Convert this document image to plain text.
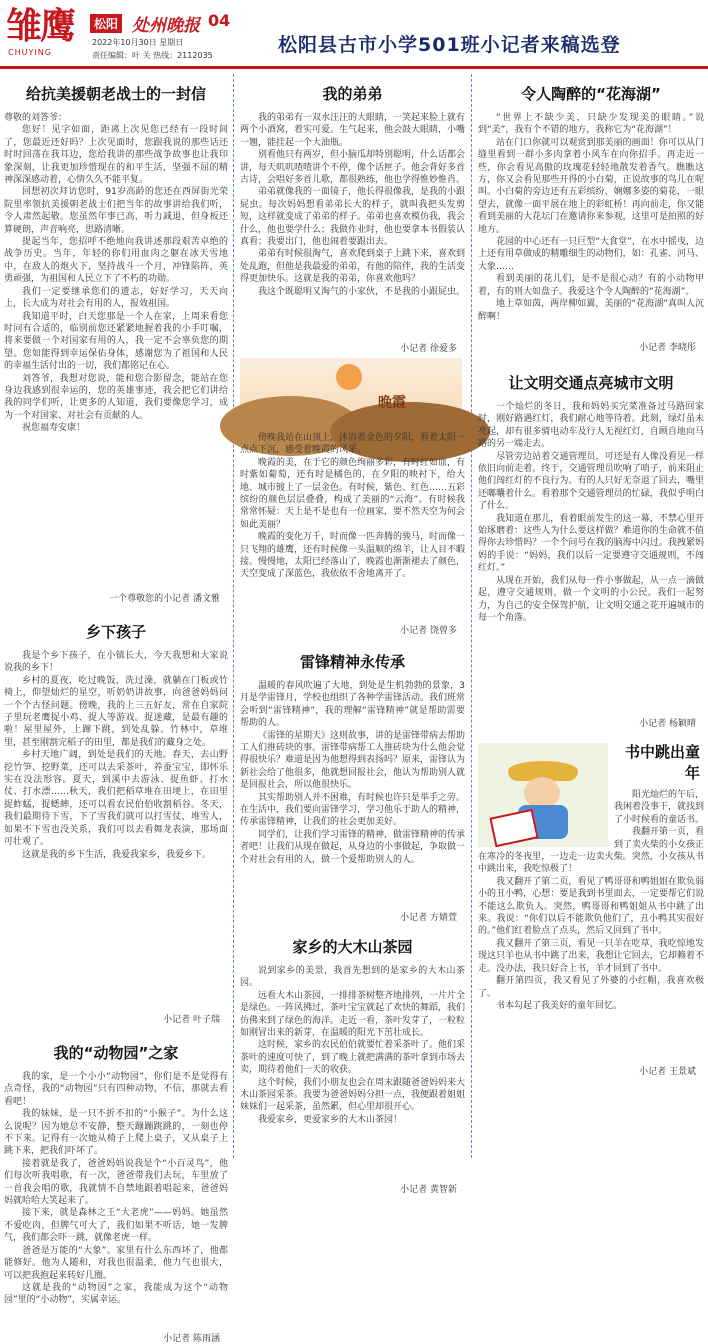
雏鹰
CHUYING
松阳 处州晚报 04
2022年10月30日 星期日
责任编辑：叶 关 热线：2112035	松阳县古市小学501班小记者来稿选登
给抗美援朝老战士的一封信

尊敬的刘答爷：

您好！见字如面，距离上次见您已经有一段时间了，您最近还好吗？上次见面时，您跟我说的那些话还时时回荡在我耳边，您给我讲的那些战争故事也让我印象深刻，让我更加珍惜现在的和平生活，坚强不屈的精神深深感动着，心情久久不能平复。

回想初次拜访您时，91岁高龄的您还在西屏街光荣院里率领抗美援朝老战士们把当年的故事讲给我们听，令人肃然起敬。您虽然年事已高，听力减退，但身板还算硬朗，声音响亮，思路清晰。

提起当年，您招呼不绝地向我讲述那段艰苦卓绝的战争历史。当年，年轻的你们用血肉之躯在冰天雪地中，在敌人的炮火下，坚持战斗一个月，冲锋陷阵，英勇顽强，为祖国和人民立下了不朽的功勋。

我们一定要继承您们的遗志，好好学习，天天向上，长大成为对社会有用的人，报效祖国。

我知道平时，白天您那是一个人在家，上周来看您时问有合适的，临别前您还紧紧地握着我的小手叮嘱，将来要做一个对国家有用的人，我一定不会辜负您的期望。您如能得到幸运保佑身体，感谢您为了祖国和人民的幸福生活付出的一切，我们都铭记在心。

刘答爷，我想对您说，能和您合影留念，能站在您身边我感到很幸运的，您的英雄事迹，我会把它们讲给我的同学们听，让更多的人知道，我们要像您学习，成为一个对国家、对社会有贡献的人。

祝您福寿安康！

一个尊敬您的小记者 潘文雅
乡下孩子

我是个乡下孩子，在小镇长大，今天我想和大家说说我的乡下！

乡村的夏夜，吃过晚饭，洗过澡，就躺在门板或竹椅上，仰望灿烂的星空，听奶奶讲故事，向爸爸妈妈问一个个古怪问题。傍晚，我的上三五好友，常在自家院子里玩老鹰捉小鸡、捉人等游戏。捉迷藏，是最有趣的啦！屋里屋外，上蹿下跳，到处乱躲。竹林中，草堆里，甚至刚割完稻子的田里，都是我们的藏身之处。

乡村天地广阔，到处是我们的天地。春天，去山野挖竹笋、挖野菜，还可以去采茶叶，养蚕宝宝，即怀乐实在没法形容。夏天，到溪中去游泳、捉鱼虾、打水仗、打水漂……秋天，我们把稻草堆在田埂上，在田里捉蚱蜢，捉蟋蟀，还可以看农民伯伯收割稻谷。冬天，我们最期待下雪，下了雪我们就可以打雪仗，堆雪人，如果不下雪也没关系，我们可以去看舞龙表演，那场面可壮观了。

这就是我的乡下生活，我爱我家乡，我爱乡下。

小记者 叶子瑞
我的“动物园”之家

我的家，是一个小小“动物园”，你们是不是觉得有点奇怪，我的“动物园”只有四种动物，不信，那就去看看吧！

我的妹妹，是一只不折不扣的“小猴子”。为什么这么说呢？因为她总不安静，整天蹦蹦跳跳的，一刻也停不下来。记得有一次她从椅子上爬上桌子，又从桌子上跳下来，把我们吓坏了。

接着就是我了，爸爸妈妈说我是个“小百灵鸟”，他们每次听我唱歌，有一次，爸爸带我们去玩，车里放了一首我会唱的歌，我就情不自禁地跟着唱起来，爸爸妈妈就哈哈大笑起来了。

接下来，就是森林之王“大老虎”——妈妈。她虽然不爱吃肉，但脾气可大了，我们如果不听话，她一发脾气，我们都会吓一跳，就像老虎一样。

爸爸是万能的“大象”。家里有什么东西坏了，他都能修好。他为人随和，对我也很温柔，他力气也很大，可以把我抱起来转好几圈。

这就是我的“动物园”之家，我能成为这个“动物园”里的“小动物”，实属幸运。

小记者 陈雨涵
我的弟弟

我的弟弟有一双水汪汪的大眼睛，一笑起来脸上就有两个小酒窝，着实可爱。生气起来，他会鼓大眼睛，小嘴一翘，能挂起一个大油瓶。

别看他只有两岁，但小脑瓜却特别聪明，什么话都会讲，每天叽叽喳喳讲个不停，像个话匣子。他会背好多首古诗，会唱好多首儿歌，都很熟练，他也学得惟妙惟肖。

弟弟就像我的一面镜子，他长得很像我，是我的小跟屁虫。每次妈妈想看弟弟长大的样子，就叫我把头发剪短，这样就变成了弟弟的样子。弟弟也喜欢模仿我，我会什么，他也要学什么；我做作业时，他也要拿本书假装认真看；我要出门，他也闹着要跟出去。

弟弟有时候很淘气，喜欢爬到桌子上跳下来，喜欢到处乱跑，但他是我最爱的弟弟，有他的陪伴，我的生活变得更加快乐。这就是我的弟弟，你喜欢他吗？

我这个既聪明又淘气的小家伙，不是我的小跟屁虫。

小记者 徐爱多
晚霞

傍晚我站在山顶上，沐浴着金色的夕阳，看着太阳一点点下沉，感受着晚霞的风采。

晚霞的美，在于它的颜色绚丽多彩，有时红如血，有时紫如葡萄，还有时是橘色的，在夕阳的映衬下，给大地、城市镀上了一层金色。有时候，紫色、红色……五彩缤纷的颜色层层叠叠，构成了美丽的“云海”。有时候我常常怀疑：天上是不是也有一位画家，要不然天空为何会如此美丽？

晚霞的变化万千，时而像一匹奔腾的骏马，时而像一只飞翔的雄鹰，还有时候像一头温顺的绵羊，让人目不暇接。慢慢地，太阳已经落山了，晚霞也渐渐褪去了颜色，天空变成了深蓝色，我依依不舍地离开了。

小记者 饶曾多
雷锋精神永传承

温暖的春风吹遍了大地，到处是生机勃勃的景象，3月是学雷锋月，学校也组织了各种学雷锋活动。我们班常会听到“雷锋精神”，我的理解“雷锋精神”就是帮助需要帮助的人。

《雷锋的星期天》这则故事，讲的是雷锋带病去帮助工人们推砖块的事。雷锋带病帮工人推砖块为什么他会觉得很快乐？难道是因为他想得到表扬吗？原来，雷锋认为新社会给了他很多，他就想回报社会，他认为帮助别人就是回报社会，所以他很快乐。

其实帮助别人并不困难，有时候也许只是举手之劳。在生活中，我们要向雷锋学习，学习他乐于助人的精神，传承雷锋精神，让我们的社会更加美好。

同学们，让我们学习雷锋的精神，做雷锋精神的传承者吧！让我们从现在做起，从身边的小事做起，争取做一个对社会有用的人，做一个爱帮助别人的人。

小记者 方婧萱
家乡的大木山茶园

说到家乡的美景，我首先想到的是家乡的大木山茶园。

远看大木山茶园，一排排茶树整齐地排列，一片片全是绿色。一阵风拂过，茶叶宝宝就起了欢快的舞蹈，我们仿佛来到了绿色的海洋。走近一看，茶叶发芽了，一粒粒如刚冒出来的新芽，在温暖的阳光下茁壮成长。

这时候，家乡的农民伯伯就要忙着采茶叶了。他们采茶叶的速度可快了，到了晚上就把满满的茶叶拿到市场去卖，期待着他们一天的收获。

这个时候，我们小朋友也会在周末跟随爸爸妈妈来大木山茶园采茶。我要为爸爸妈妈分担一点，我便跟着姐姐妹妹们一起采茶，虽然累，但心里却很开心。

我爱家乡，更爱家乡的大木山茶园！

小记者 黄智新
令人陶醉的“花海湖”

“世界上不缺少美，只缺少发现美的眼睛。”说到“美”，我有个不错的地方，我称它为“花海湖”！

站在门口你就可以观赏到那美丽的画面！你可以从门缝里看到一群小多肉拿着小风车在向你招手。再走近一些，你会看见高傲的玫瑰花轻轻地散发着香气。瞧瞧这方，你又会看见那些开得的小白菊，正说故事的鸟儿在呢叫。小白菊的旁边还有五彩缤纷、娴娜多姿的菊花，一眼望去，就像一面平展在地上的彩虹桥！再向前走，你又能看到美丽的大花坛门在邀请你来参观，这里可是拍照的好地方。

花园的中心还有一只巨型“大食堂”，在水中摇曳，边上还有用草做成的精雕细生的动物们，如：孔雀、河马、大象……

看到美丽的花儿们，是不是很心动？有的小动物甲着，有的则大如盘子。我爱这个令人陶醉的“花海湖”。

地上草如茵，两岸柳如翼，美丽的“花海湖”真叫人沉醉啊！

小记者 李晓彤
让文明交通点亮城市文明

一个灿烂的冬日，我和妈妈买完菜准备过马路回家时，刚好路遇红灯，我们耐心地等待着。此刻，绿灯虽未亮起，却有很多骑电动车及行人无视红灯，自顾自地向马路的另一端走去。

尽管旁边站着交通管理员，可还是有人像没看见一样依旧向前走着。终于，交通管理员吹响了哨子，前来阻止他们闯红灯的不良行为。有的人只好无奈退了回去，嘴里还嘟囔着什么。看着那个交通管理员的忙碌，我似乎明白了什么。

我知道在那儿，看着眼前发生的这一幕，不禁心里开始琢磨着：这些人为什么要这样做？难道你的生命就不值得你去珍惜吗？一个个问号在我的脑海中闪过。我拽紧妈妈的手说：“妈妈，我们以后一定要遵守交通规则，不闯红灯。”

从现在开始，我们从每一件小事做起，从一点一滴做起，遵守交通规则，做一个文明的小公民。我们一起努力，为自己的安全保驾护航，让文明交通之花开遍城市的每一个角落。

小记者 杨颖晴
书中跳出童年

阳光灿烂的午后，我闲着没事干，就找到了小时候看的童话书。

我翻开第一页，看到了卖火柴的小女孩正在寒冷的冬夜里，一边走一边卖火柴。突然，小女孩从书中跳出来，我吃惊极了！

我又翻开了第二页，看见了鸭哥哥和鸭姐姐在欺负弱小的丑小鸭，心想：要是我到书里面去，一定要帮它们说不能这么欺负人。突然，鸭哥哥和鸭姐姐从书中跳了出来。我说：“你们以后不能欺负他们了，丑小鸭其实很好的。”他们红着脸点了点头，然后又回到了书中。

我又翻开了第三页，看见一只羊在吃草，我吃惊地发现这只羊也从书中跳了出来，我想让它回去，它却赖着不走。没办法，我只好合上书，羊才回到了书中。

翻开第四页，我又看见了外婆的小红帽，我喜欢极了。

书本勾起了我美好的童年回忆。

小记者 王景斌
